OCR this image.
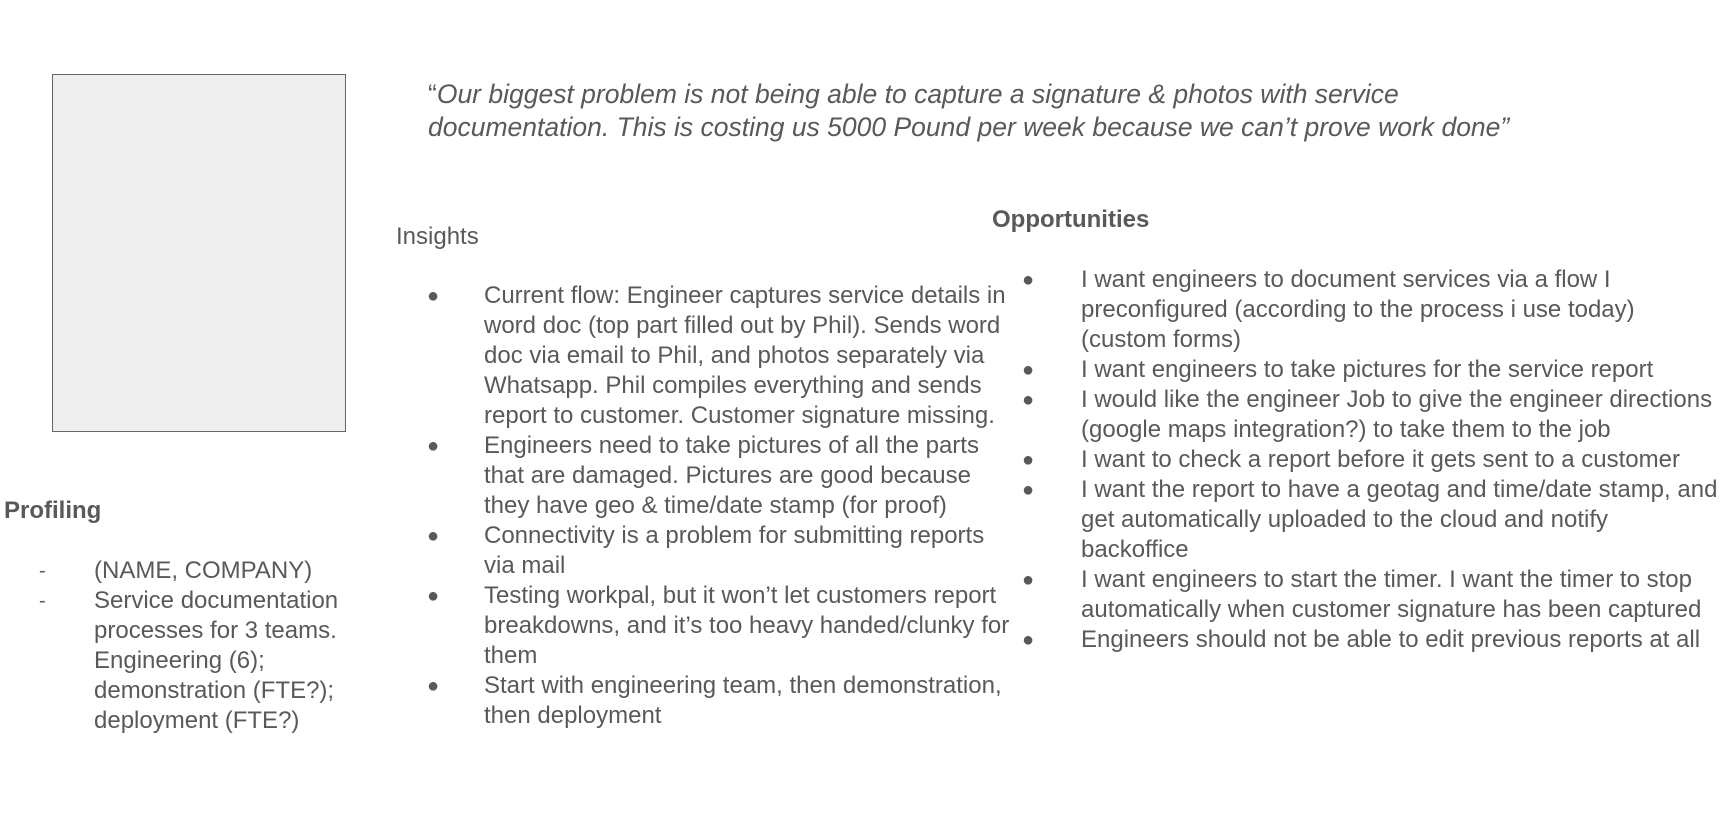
“Our biggest problem is not being able to capture a signature & photos with service documentation. This is costing us 5000 Pound per week because we can’t prove work done”

Insights
● Current flow: Engineer captures service details in word doc (top part filled out by Phil). Sends word doc via email to Phil, and photos separately via Whatsapp. Phil compiles everything and sends report to customer. Customer signature missing.
● Engineers need to take pictures of all the parts that are damaged. Pictures are good because they have geo & time/date stamp (for proof)
● Connectivity is a problem for submitting reports via mail
● Testing workpal, but it won’t let customers report breakdowns, and it’s too heavy handed/clunky for them
● Start with engineering team, then demonstration, then deployment
Opportunities
● I want engineers to document services via a flow I preconfigured (according to the process i use today) (custom forms)
● I want engineers to take pictures for the service report
● I would like the engineer Job to give the engineer directions (google maps integration?) to take them to the job
● I want to check a report before it gets sent to a customer
● I want the report to have a geotag and time/date stamp, and get automatically uploaded to the cloud and notify backoffice
● I want engineers to start the timer. I want the timer to stop automatically when customer signature has been captured
● Engineers should not be able to edit previous reports at all
Profiling
- (NAME, COMPANY)
- Service documentation processes for 3 teams. Engineering (6); demonstration (FTE?); deployment (FTE?)
